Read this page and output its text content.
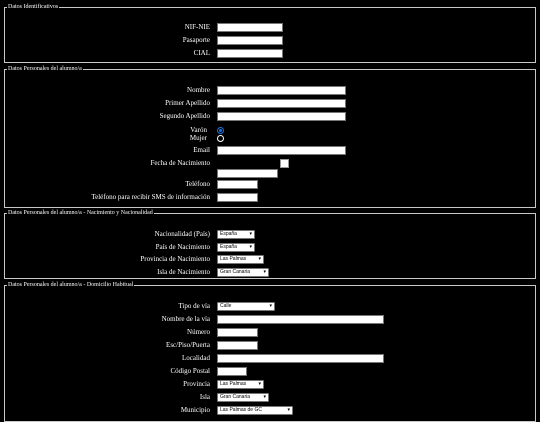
Datos Identificativos
NIF-NIE
Pasaporte
CIAL
Datos Personales del alumno/a
Nombre
Primer Apellido
Segundo Apellido
Varón
Mujer
Email
Fecha de Nacimiento
Teléfono
Teléfono para recibir SMS de información
Datos Personales del alumno/a - Nacimiento y Nacionalidad
Nacionalidad (País)	España	▾
País de Nacimiento	España	▾
Provincia de Nacimiento	Las Palmas ▾
Isla de Nacimiento	Gran Canaria	▾
Datos Personales del alumno/a - Domicilio Habitual
Tipo de vía	Calle	▾
Nombre de la vía
Número
Esc/Piso/Puerta
Localidad
Código Postal
Provincia	Las Palmas ▾
Isla	Gran Canaria	▾
Municipio	Las Palmas de GC	▾
